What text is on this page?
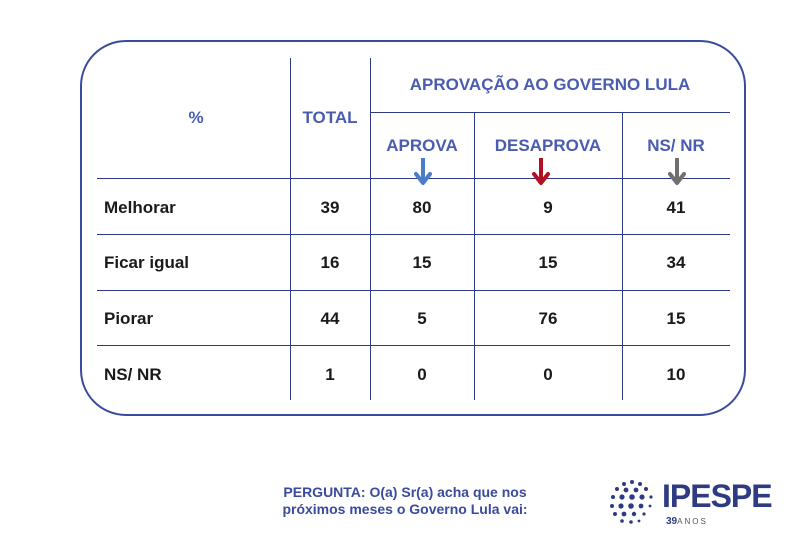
%	TOTAL
APROVAÇÃO AO GOVERNO LULA
APROVA DESAPROVA	NS/ NR
Melhorar	39	80	9	41
Ficar igual	16	15	15	34
Piorar	44	5	76	15
NS/ NR	1	0	0	10
PERGUNTA: O(a) Sr(a) acha que nos
próximos meses o Governo Lula vai:	IPESPE
39ANOS
